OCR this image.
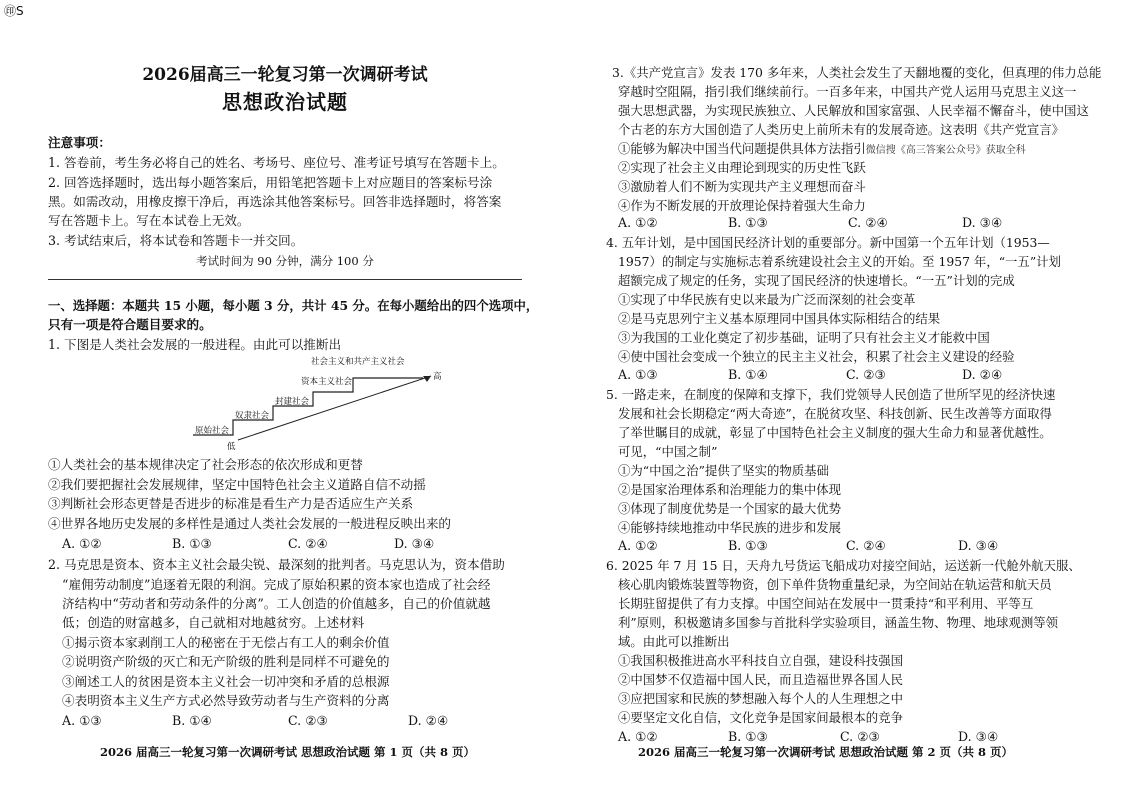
㊞S
2026届高三一轮复习第一次调研考试
思想政治试题
注意事项：
1. 答卷前，考生务必将自己的姓名、考场号、座位号、准考证号填写在答题卡上。
2. 回答选择题时，选出每小题答案后，用铅笔把答题卡上对应题目的答案标号涂
黑。如需改动，用橡皮擦干净后，再选涂其他答案标号。回答非选择题时，将答案
写在答题卡上。写在本试卷上无效。
3. 考试结束后，将本试卷和答题卡一并交回。
考试时间为 90 分钟，满分 100 分
一、选择题：本题共 15 小题，每小题 3 分，共计 45 分。在每小题给出的四个选项中，
只有一项是符合题目要求的。
1. 下图是人类社会发展的一般进程。由此可以推断出
原始社会
奴隶社会
封建社会
资本主义社会
社会主义和共产主义社会
低
高
①人类社会的基本规律决定了社会形态的依次形成和更替
②我们要把握社会发展规律，坚定中国特色社会主义道路自信不动摇
③判断社会形态更替是否进步的标准是看生产力是否适应生产关系
④世界各地历史发展的多样性是通过人类社会发展的一般进程反映出来的
A. ①②	B. ①③	C. ②④	D. ③④
2. 马克思是资本、资本主义社会最尖锐、最深刻的批判者。马克思认为，资本借助
“雇佣劳动制度”追逐着无限的利润。完成了原始积累的资本家也造成了社会经
济结构中“劳动者和劳动条件的分离”。工人创造的价值越多，自己的价值就越
低；创造的财富越多，自己就相对地越贫穷。上述材料
①揭示资本家剥削工人的秘密在于无偿占有工人的剩余价值
②说明资产阶级的灭亡和无产阶级的胜利是同样不可避免的
③阐述工人的贫困是资本主义社会一切冲突和矛盾的总根源
④表明资本主义生产方式必然导致劳动者与生产资料的分离
A. ①③	B. ①④	C. ②③	D. ②④
2026 届高三一轮复习第一次调研考试 思想政治试题 第 1 页（共 8 页）
3.《共产党宣言》发表 170 多年来，人类社会发生了天翻地覆的变化，但真理的伟力总能
穿越时空阻隔，指引我们继续前行。一百多年来，中国共产党人运用马克思主义这一
强大思想武器，为实现民族独立、人民解放和国家富强、人民幸福不懈奋斗，使中国这
个古老的东方大国创造了人类历史上前所未有的发展奇迹。这表明《共产党宣言》
①能够为解决中国当代问题提供具体方法指引微信搜《高三答案公众号》获取全科
②实现了社会主义由理论到现实的历史性飞跃
③激励着人们不断为实现共产主义理想而奋斗
④作为不断发展的开放理论保持着强大生命力
A. ①②	B. ①③	C. ②④	D. ③④
4. 五年计划，是中国国民经济计划的重要部分。新中国第一个五年计划（1953—
1957）的制定与实施标志着系统建设社会主义的开始。至 1957 年，“一五”计划
超额完成了规定的任务，实现了国民经济的快速增长。“一五”计划的完成
①实现了中华民族有史以来最为广泛而深刻的社会变革
②是马克思列宁主义基本原理同中国具体实际相结合的结果
③为我国的工业化奠定了初步基础，证明了只有社会主义才能救中国
④使中国社会变成一个独立的民主主义社会，积累了社会主义建设的经验
A. ①③	B. ①④	C. ②③	D. ②④
5. 一路走来，在制度的保障和支撑下，我们党领导人民创造了世所罕见的经济快速
发展和社会长期稳定“两大奇迹”，在脱贫攻坚、科技创新、民生改善等方面取得
了举世瞩目的成就，彰显了中国特色社会主义制度的强大生命力和显著优越性。
可见，“中国之制”
①为“中国之治”提供了坚实的物质基础
②是国家治理体系和治理能力的集中体现
③体现了制度优势是一个国家的最大优势
④能够持续地推动中华民族的进步和发展
A. ①②	B. ①③	C. ②④	D. ③④
6. 2025 年 7 月 15 日，天舟九号货运飞船成功对接空间站，运送新一代舱外航天服、
核心肌肉锻炼装置等物资，创下单件货物重量纪录，为空间站在轨运营和航天员
长期驻留提供了有力支撑。中国空间站在发展中一贯秉持“和平利用、平等互
利”原则，积极邀请多国参与首批科学实验项目，涵盖生物、物理、地球观测等领
域。由此可以推断出
①我国积极推进高水平科技自立自强，建设科技强国
②中国梦不仅造福中国人民，而且造福世界各国人民
③应把国家和民族的梦想融入每个人的人生理想之中
④要坚定文化自信，文化竞争是国家间最根本的竞争
A. ①②	B. ①③	C. ②③	D. ③④
2026 届高三一轮复习第一次调研考试 思想政治试题 第 2 页（共 8 页）
